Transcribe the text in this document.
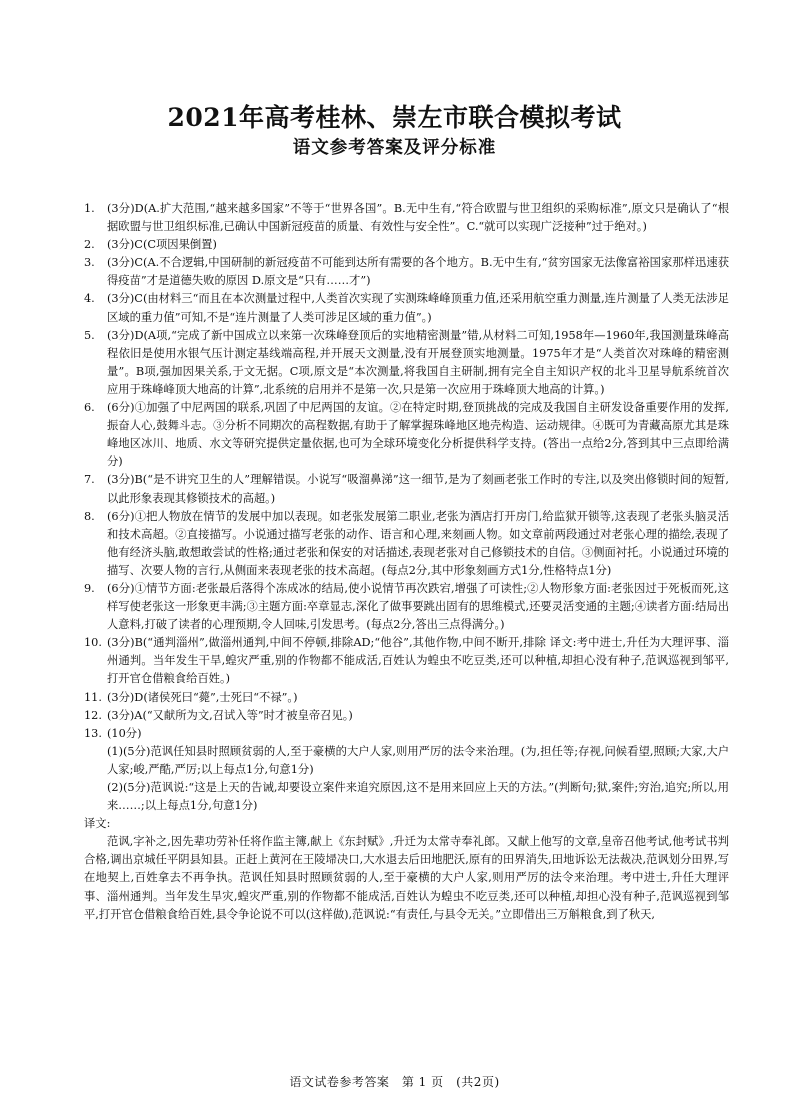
2021年高考桂林、崇左市联合模拟考试
语文参考答案及评分标准
1.	(3分)D(A.扩大范围,“越来越多国家”不等于“世界各国”。B.无中生有,“符合欧盟与世卫组织的采购标准”,原文只是确认了“根据欧盟与世卫组织标准,已确认中国新冠疫苗的质量、有效性与安全性”。C.“就可以实现广泛接种”过于绝对。)
2.	(3分)C(C项因果倒置)
3.	(3分)C(A.不合逻辑,中国研制的新冠疫苗不可能到达所有需要的各个地方。B.无中生有,“贫穷国家无法像富裕国家那样迅速获得疫苗”才是道德失败的原因 D.原文是“只有……才”)
4.	(3分)C(由材料三“而且在本次测量过程中,人类首次实现了实测珠峰峰顶重力值,还采用航空重力测量,连片测量了人类无法涉足区域的重力值”可知,不是“连片测量了人类可涉足区域的重力值”。)
5.	(3分)D(A项,“完成了新中国成立以来第一次珠峰登顶后的实地精密测量”错,从材料二可知,1958年—1960年,我国测量珠峰高程依旧是使用水银气压计测定基线端高程,并开展天文测量,没有开展登顶实地测量。1975年才是“人类首次对珠峰的精密测量”。B项,强加因果关系,于文无据。C项,原文是“本次测量,将我国自主研制,拥有完全自主知识产权的北斗卫星导航系统首次应用于珠峰峰顶大地高的计算”,北系统的启用并不是第一次,只是第一次应用于珠峰顶大地高的计算。)
6.	(6分)①加强了中尼两国的联系,巩固了中尼两国的友谊。②在特定时期,登顶挑战的完成及我国自主研发设备重要作用的发挥,振奋人心,鼓舞斗志。③分析不同期次的高程数据,有助于了解掌握珠峰地区地壳构造、运动规律。④既可为青藏高原尤其是珠峰地区冰川、地质、水文等研究提供定量依据,也可为全球环境变化分析提供科学支持。(答出一点给2分,答到其中三点即给满分)
7.	(3分)B(“是不讲究卫生的人”理解错误。小说写“吸溜鼻涕”这一细节,是为了刻画老张工作时的专注,以及突出修锁时间的短暂,以此形象表现其修锁技术的高超。)
8.	(6分)①把人物放在情节的发展中加以表现。如老张发展第二职业,老张为酒店打开房门,给监狱开锁等,这表现了老张头脑灵活和技术高超。②直接描写。小说通过描写老张的动作、语言和心理,来刻画人物。如文章前两段通过对老张心理的描绘,表现了他有经济头脑,敢想敢尝试的性格;通过老张和保安的对话描述,表现老张对自己修锁技术的自信。③侧面衬托。小说通过环境的描写、次要人物的言行,从侧面来表现老张的技术高超。(每点2分,其中形象刻画方式1分,性格特点1分)
9.	(6分)①情节方面:老张最后落得个冻成冰的结局,使小说情节再次跌宕,增强了可读性;②人物形象方面:老张因过于死板而死,这样写使老张这一形象更丰满;③主题方面:卒章显志,深化了做事要跳出固有的思维模式,还要灵活变通的主题;④读者方面:结局出人意料,打破了读者的心理预期,令人回味,引发思考。(每点2分,答出三点得满分。)
10. (3分)B(“通判淄州”,做淄州通判,中间不停顿,排除AD;“他谷”,其他作物,中间不断开,排除 译文:考中进士,升任为大理评事、淄州通判。当年发生干旱,蝗灾严重,别的作物都不能成活,百姓认为蝗虫不吃豆类,还可以种植,却担心没有种子,范讽巡视到邹平,打开官仓借粮食给百姓。)
11. (3分)D(诸侯死曰“薨”,士死曰“不禄”。)
12. (3分)A(“又献所为文,召试入等”时才被皇帝召见。)
13. (10分)
(1)(5分)范讽任知县时照顾贫弱的人,至于豪横的大户人家,则用严厉的法令来治理。(为,担任等;存视,问候看望,照顾;大家,大户人家;峻,严酷,严厉;以上每点1分,句意1分)
(2)(5分)范讽说:“这是上天的告诫,却要设立案件来追究原因,这不是用来回应上天的方法。”(判断句;狱,案件;穷治,追究;所以,用来……;以上每点1分,句意1分)
译文:
范讽,字补之,因先辈功劳补任将作监主簿,献上《东封赋》,升迁为太常寺奉礼郎。又献上他写的文章,皇帝召他考试,他考试书判合格,调出京城任平阴县知县。正赶上黄河在王陵埽决口,大水退去后田地肥沃,原有的田界消失,田地诉讼无法裁决,范讽划分田界,写在地契上,百姓拿去不再争执。范讽任知县时照顾贫弱的人,至于豪横的大户人家,则用严厉的法令来治理。考中进士,升任大理评事、淄州通判。当年发生旱灾,蝗灾严重,别的作物都不能成活,百姓认为蝗虫不吃豆类,还可以种植,却担心没有种子,范讽巡视到邹平,打开官仓借粮食给百姓,县令争论说不可以(这样做),范讽说:“有责任,与县令无关。”立即借出三万斛粮食,到了秋天,
语文试卷参考答案　第 1 页　(共2页)
